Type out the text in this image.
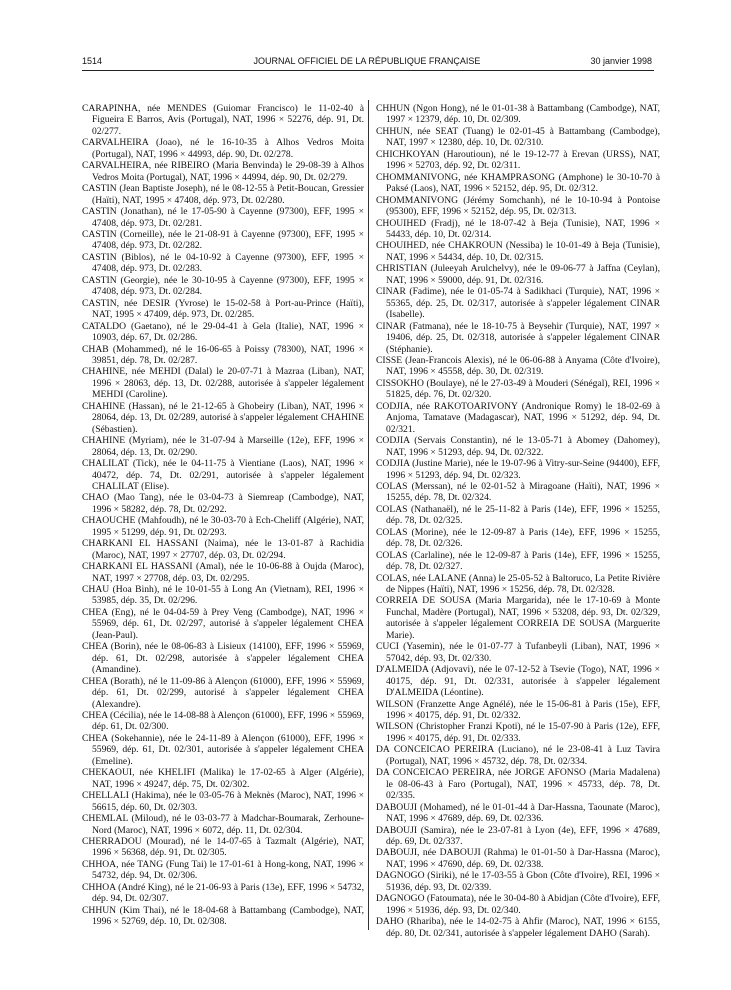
1514	JOURNAL OFFICIEL DE LA RÉPUBLIQUE FRANÇAISE	30 janvier 1998

CARAPINHA, née MENDES (Guiomar Francisco) le 11-02-40 à Figueira E Barros, Avis (Portugal), NAT, 1996 × 52276, dép. 91, Dt. 02/277.

CARVALHEIRA (Joao), né le 16-10-35 à Alhos Vedros Moita (Portugal), NAT, 1996 × 44993, dép. 90, Dt. 02/278.

CARVALHEIRA, née RIBEIRO (Maria Benvinda) le 29-08-39 à Alhos Vedros Moita (Portugal), NAT, 1996 × 44994, dép. 90, Dt. 02/279.

CASTIN (Jean Baptiste Joseph), né le 08-12-55 à Petit-Boucan, Gressier (Haïti), NAT, 1995 × 47408, dép. 973, Dt. 02/280.

CASTIN (Jonathan), né le 17-05-90 à Cayenne (97300), EFF, 1995 × 47408, dép. 973, Dt. 02/281.

CASTIN (Corneille), née le 21-08-91 à Cayenne (97300), EFF, 1995 × 47408, dép. 973, Dt. 02/282.

CASTIN (Biblos), né le 04-10-92 à Cayenne (97300), EFF, 1995 × 47408, dép. 973, Dt. 02/283.

CASTIN (Georgie), née le 30-10-95 à Cayenne (97300), EFF, 1995 × 47408, dép. 973, Dt. 02/284.

CASTIN, née DESIR (Yvrose) le 15-02-58 à Port-au-Prince (Haïti), NAT, 1995 × 47409, dép. 973, Dt. 02/285.

CATALDO (Gaetano), né le 29-04-41 à Gela (Italie), NAT, 1996 × 10903, dép. 67, Dt. 02/286.

CHAB (Mohammed), né le 16-06-65 à Poissy (78300), NAT, 1996 × 39851, dép. 78, Dt. 02/287.

CHAHINE, née MEHDI (Dalal) le 20-07-71 à Mazraa (Liban), NAT, 1996 × 28063, dép. 13, Dt. 02/288, autorisée à s'appeler légalement MEHDI (Caroline).

CHAHINE (Hassan), né le 21-12-65 à Ghobeiry (Liban), NAT, 1996 × 28064, dép. 13, Dt. 02/289, autorisé à s'appeler légalement CHAHINE (Sébastien).

CHAHINE (Myriam), née le 31-07-94 à Marseille (12e), EFF, 1996 × 28064, dép. 13, Dt. 02/290.

CHALILAT (Tick), née le 04-11-75 à Vientiane (Laos), NAT, 1996 × 40472, dép. 74, Dt. 02/291, autorisée à s'appeler légalement CHALILAT (Elise).

CHAO (Mao Tang), née le 03-04-73 à Siemreap (Cambodge), NAT, 1996 × 58282, dép. 78, Dt. 02/292.

CHAOUCHE (Mahfoudh), né le 30-03-70 à Ech-Cheliff (Algérie), NAT, 1995 × 51299, dép. 91, Dt. 02/293.

CHARKANI EL HASSANI (Naima), née le 13-01-87 à Rachidia (Maroc), NAT, 1997 × 27707, dép. 03, Dt. 02/294.

CHARKANI EL HASSANI (Amal), née le 10-06-88 à Oujda (Maroc), NAT, 1997 × 27708, dép. 03, Dt. 02/295.

CHAU (Hoa Binh), né le 10-01-55 à Long An (Vietnam), REI, 1996 × 53985, dép. 35, Dt. 02/296.

CHEA (Eng), né le 04-04-59 à Prey Veng (Cambodge), NAT, 1996 × 55969, dép. 61, Dt. 02/297, autorisé à s'appeler légalement CHEA (Jean-Paul).

CHEA (Borin), née le 08-06-83 à Lisieux (14100), EFF, 1996 × 55969, dép. 61, Dt. 02/298, autorisée à s'appeler légalement CHEA (Amandine).

CHEA (Borath), né le 11-09-86 à Alençon (61000), EFF, 1996 × 55969, dép. 61, Dt. 02/299, autorisé à s'appeler légalement CHEA (Alexandre).

CHEA (Cécilia), née le 14-08-88 à Alençon (61000), EFF, 1996 × 55969, dép. 61, Dt. 02/300.

CHEA (Sokehannie), née le 24-11-89 à Alençon (61000), EFF, 1996 × 55969, dép. 61, Dt. 02/301, autorisée à s'appeler légalement CHEA (Emeline).

CHEKAOUI, née KHELIFI (Malika) le 17-02-65 à Alger (Algérie), NAT, 1996 × 49247, dép. 75, Dt. 02/302.

CHELLALI (Hakima), née le 03-05-76 à Meknès (Maroc), NAT, 1996 × 56615, dép. 60, Dt. 02/303.

CHEMLAL (Miloud), né le 03-03-77 à Madchar-Boumarak, Zerhoune-Nord (Maroc), NAT, 1996 × 6072, dép. 11, Dt. 02/304.

CHERRADOU (Mourad), né le 14-07-65 à Tazmalt (Algérie), NAT, 1996 × 56368, dép. 91, Dt. 02/305.

CHHOA, née TANG (Fung Tai) le 17-01-61 à Hong-kong, NAT, 1996 × 54732, dép. 94, Dt. 02/306.

CHHOA (André King), né le 21-06-93 à Paris (13e), EFF, 1996 × 54732, dép. 94, Dt. 02/307.

CHHUN (Kim Thai), né le 18-04-68 à Battambang (Cambodge), NAT, 1996 × 52769, dép. 10, Dt. 02/308.

CHHUN (Ngon Hong), né le 01-01-38 à Battambang (Cambodge), NAT, 1997 × 12379, dép. 10, Dt. 02/309.

CHHUN, née SEAT (Tuang) le 02-01-45 à Battambang (Cambodge), NAT, 1997 × 12380, dép. 10, Dt. 02/310.

CHICHKOYAN (Haroutioun), né le 19-12-77 à Erevan (URSS), NAT, 1996 × 52703, dép. 92, Dt. 02/311.

CHOMMANIVONG, née KHAMPRASONG (Amphone) le 30-10-70 à Paksé (Laos), NAT, 1996 × 52152, dép. 95, Dt. 02/312.

CHOMMANIVONG (Jérémy Somchanh), né le 10-10-94 à Pontoise (95300), EFF, 1996 × 52152, dép. 95, Dt. 02/313.

CHOUIHED (Fradj), né le 18-07-42 à Beja (Tunisie), NAT, 1996 × 54433, dép. 10, Dt. 02/314.

CHOUIHED, née CHAKROUN (Nessiba) le 10-01-49 à Beja (Tunisie), NAT, 1996 × 54434, dép. 10, Dt. 02/315.

CHRISTIAN (Juleeyah Arulchelvy), née le 09-06-77 à Jaffna (Ceylan), NAT, 1996 × 59000, dép. 91, Dt. 02/316.

CINAR (Fadime), née le 01-05-74 à Sadikhaci (Turquie), NAT, 1996 × 55365, dép. 25, Dt. 02/317, autorisée à s'appeler légalement CINAR (Isabelle).

CINAR (Fatmana), née le 18-10-75 à Beysehir (Turquie), NAT, 1997 × 19406, dép. 25, Dt. 02/318, autorisée à s'appeler légalement CINAR (Stéphanie).

CISSE (Jean-Francois Alexis), né le 06-06-88 à Anyama (Côte d'Ivoire), NAT, 1996 × 45558, dép. 30, Dt. 02/319.

CISSOKHO (Boulaye), né le 27-03-49 à Mouderi (Sénégal), REI, 1996 × 51825, dép. 76, Dt. 02/320.

CODJIA, née RAKOTOARIVONY (Andronique Romy) le 18-02-69 à Anjoma, Tamatave (Madagascar), NAT, 1996 × 51292, dép. 94, Dt. 02/321.

CODJIA (Servais Constantin), né le 13-05-71 à Abomey (Dahomey), NAT, 1996 × 51293, dép. 94, Dt. 02/322.

CODJIA (Justine Marie), née le 19-07-96 à Vitry-sur-Seine (94400), EFF, 1996 × 51293, dép. 94, Dt. 02/323.

COLAS (Merssan), né le 02-01-52 à Miragoane (Haïti), NAT, 1996 × 15255, dép. 78, Dt. 02/324.

COLAS (Nathanaël), né le 25-11-82 à Paris (14e), EFF, 1996 × 15255, dép. 78, Dt. 02/325.

COLAS (Morine), née le 12-09-87 à Paris (14e), EFF, 1996 × 15255, dép. 78, Dt. 02/326.

COLAS (Carlaline), née le 12-09-87 à Paris (14e), EFF, 1996 × 15255, dép. 78, Dt. 02/327.

COLAS, née LALANE (Anna) le 25-05-52 à Baltoruco, La Petite Rivière de Nippes (Haïti), NAT, 1996 × 15256, dép. 78, Dt. 02/328.

CORREIA DE SOUSA (Maria Margarida), née le 17-10-69 à Monte Funchal, Madère (Portugal), NAT, 1996 × 53208, dép. 93, Dt. 02/329, autorisée à s'appeler légalement CORREIA DE SOUSA (Marguerite Marie).

CUCI (Yasemin), née le 01-07-77 à Tufanbeyli (Liban), NAT, 1996 × 57042, dép. 93, Dt. 02/330.

D'ALMEIDA (Adjovavi), née le 07-12-52 à Tsevie (Togo), NAT, 1996 × 40175, dép. 91, Dt. 02/331, autorisée à s'appeler légalement D'ALMEIDA (Léontine).

WILSON (Franzette Ange Agnélé), née le 15-06-81 à Paris (15e), EFF, 1996 × 40175, dép. 91, Dt. 02/332.

WILSON (Christopher Franzi Kpoti), né le 15-07-90 à Paris (12e), EFF, 1996 × 40175, dép. 91, Dt. 02/333.

DA CONCEICAO PEREIRA (Luciano), né le 23-08-41 à Luz Tavira (Portugal), NAT, 1996 × 45732, dép. 78, Dt. 02/334.

DA CONCEICAO PEREIRA, née JORGE AFONSO (Maria Madalena) le 08-06-43 à Faro (Portugal), NAT, 1996 × 45733, dép. 78, Dt. 02/335.

DABOUJI (Mohamed), né le 01-01-44 à Dar-Hassna, Taounate (Maroc), NAT, 1996 × 47689, dép. 69, Dt. 02/336.

DABOUJI (Samira), née le 23-07-81 à Lyon (4e), EFF, 1996 × 47689, dép. 69, Dt. 02/337.

DABOUJI, née DABOUJI (Rahma) le 01-01-50 à Dar-Hassna (Maroc), NAT, 1996 × 47690, dép. 69, Dt. 02/338.

DAGNOGO (Siriki), né le 17-03-55 à Gbon (Côte d'Ivoire), REI, 1996 × 51936, dép. 93, Dt. 02/339.

DAGNOGO (Fatoumata), née le 30-04-80 à Abidjan (Côte d'Ivoire), EFF, 1996 × 51936, dép. 93, Dt. 02/340.

DAHO (Rhariba), née le 14-02-75 à Ahfir (Maroc), NAT, 1996 × 6155, dép. 80, Dt. 02/341, autorisée à s'appeler légalement DAHO (Sarah).
